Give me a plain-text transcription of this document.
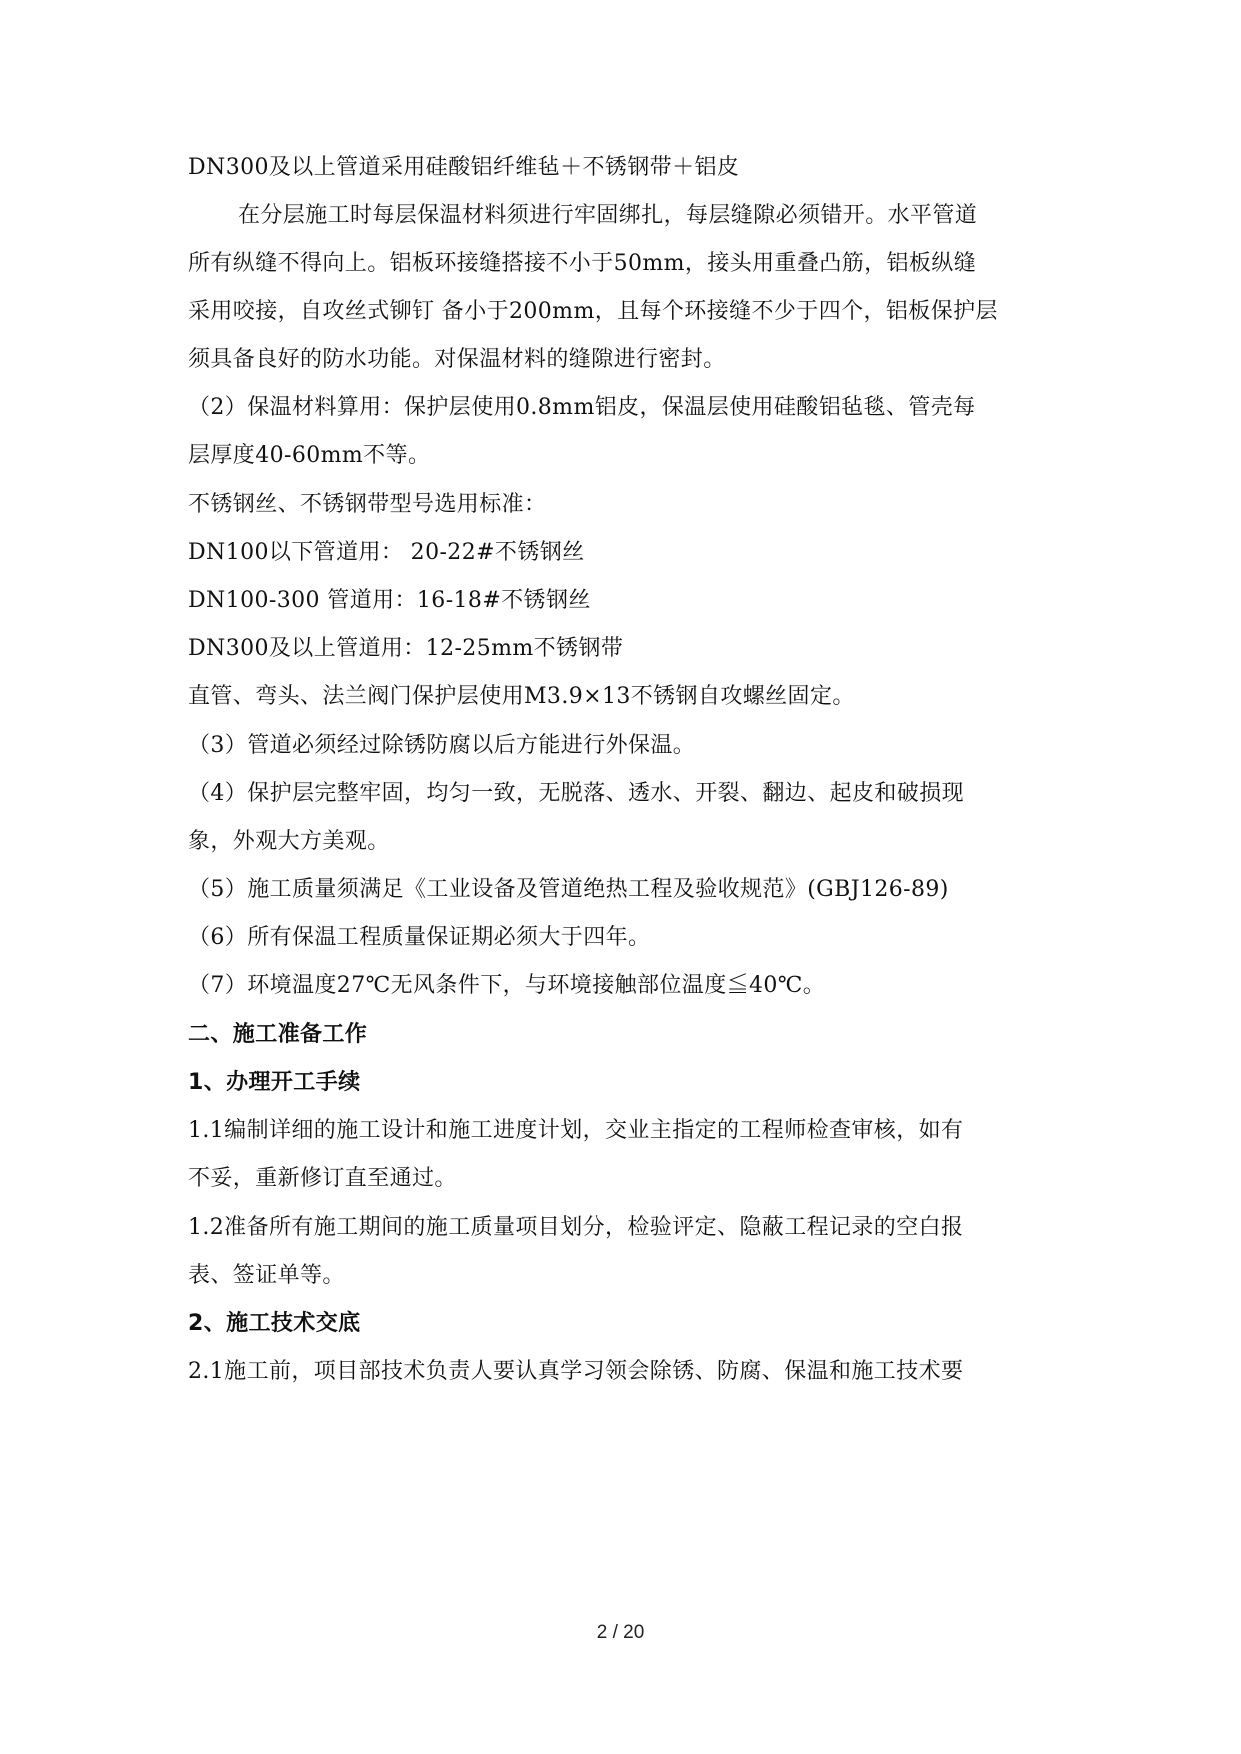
DN300及以上管道采用硅酸铝纤维毡＋不锈钢带＋铝皮
在分层施工时每层保温材料须进行牢固绑扎，每层缝隙必须错开。水平管道
所有纵缝不得向上。铝板环接缝搭接不小于50mm，接头用重叠凸筋，铝板纵缝
采用咬接，自攻丝式铆钉 备小于200mm，且每个环接缝不少于四个，铝板保护层
须具备良好的防水功能。对保温材料的缝隙进行密封。
（2）保温材料算用：保护层使用0.8mm铝皮，保温层使用硅酸铝毡毯、管壳每
层厚度40-60mm不等。
不锈钢丝、不锈钢带型号选用标准：
DN100以下管道用： 20-22#不锈钢丝
DN100-300 管道用：16-18#不锈钢丝
DN300及以上管道用：12-25mm不锈钢带
直管、弯头、法兰阀门保护层使用M3.9×13不锈钢自攻螺丝固定。
（3）管道必须经过除锈防腐以后方能进行外保温。
（4）保护层完整牢固，均匀一致，无脱落、透水、开裂、翻边、起皮和破损现
象，外观大方美观。
（5）施工质量须满足《工业设备及管道绝热工程及验收规范》(GBJ126-89)
（6）所有保温工程质量保证期必须大于四年。
（7）环境温度27℃无风条件下，与环境接触部位温度≦40℃。
二、施工准备工作
1、办理开工手续
1.1编制详细的施工设计和施工进度计划，交业主指定的工程师检查审核，如有
不妥，重新修订直至通过。
1.2准备所有施工期间的施工质量项目划分，检验评定、隐蔽工程记录的空白报
表、签证单等。
2、施工技术交底
2.1施工前，项目部技术负责人要认真学习领会除锈、防腐、保温和施工技术要
2 / 20
